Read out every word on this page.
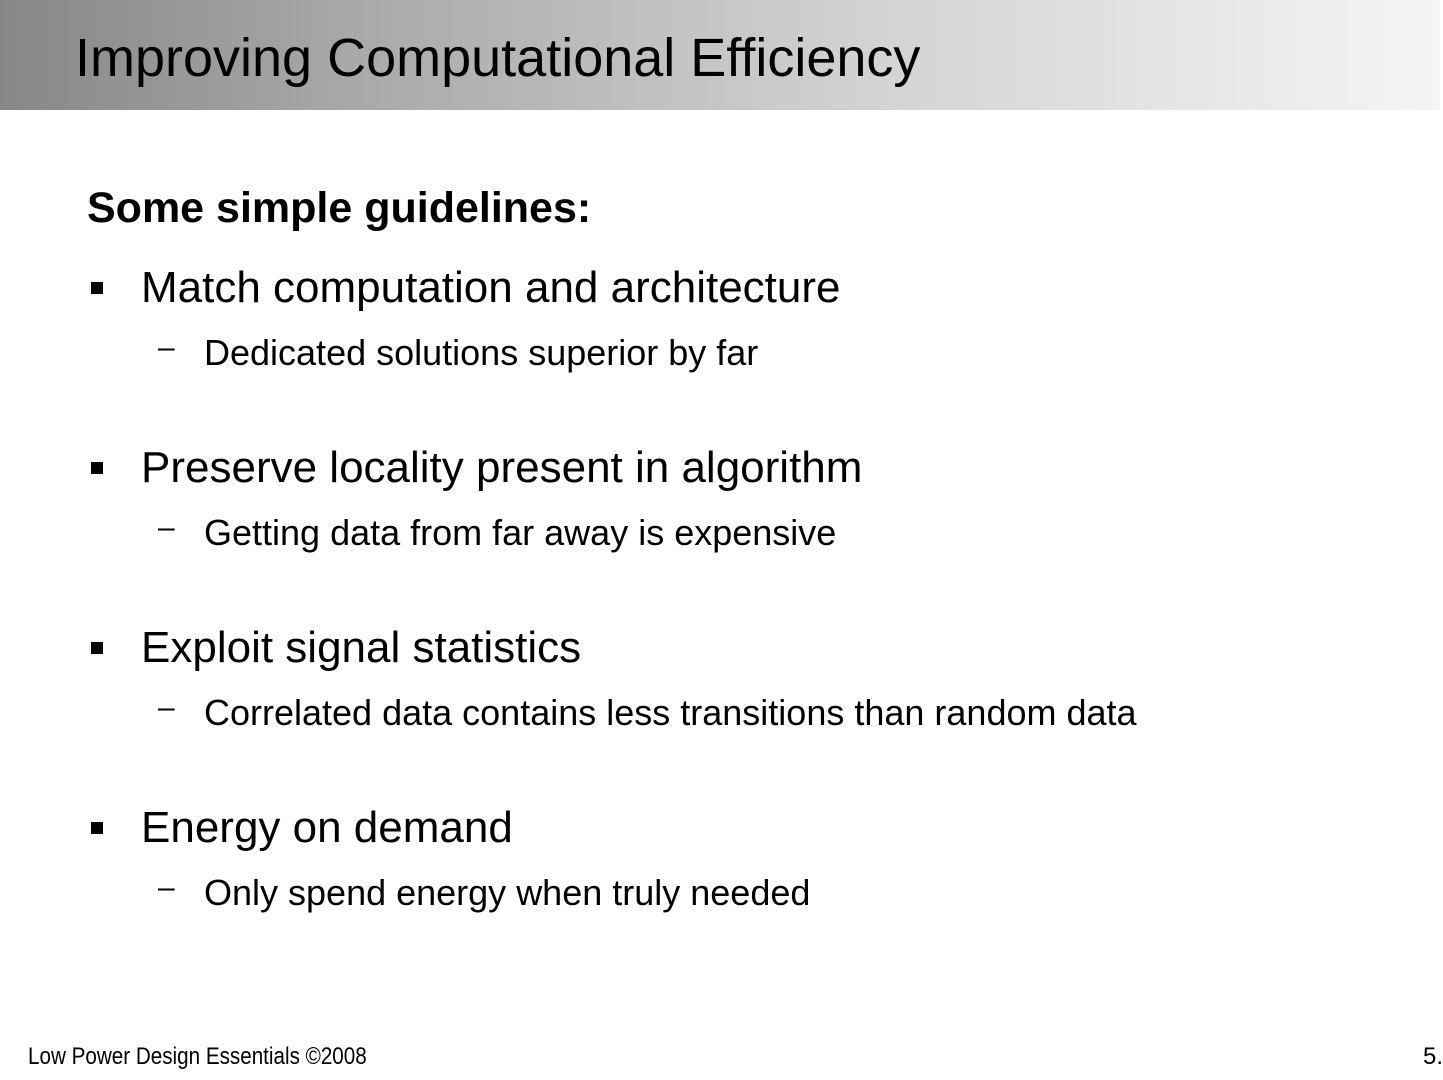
Improving Computational Efficiency

Some simple guidelines:

Match computation and architecture
– Dedicated solutions superior by far
Preserve locality present in algorithm
– Getting data from far away is expensive
Exploit signal statistics
– Correlated data contains less transitions than random data
Energy on demand
– Only spend energy when truly needed
Low Power Design Essentials ©2008	5.
